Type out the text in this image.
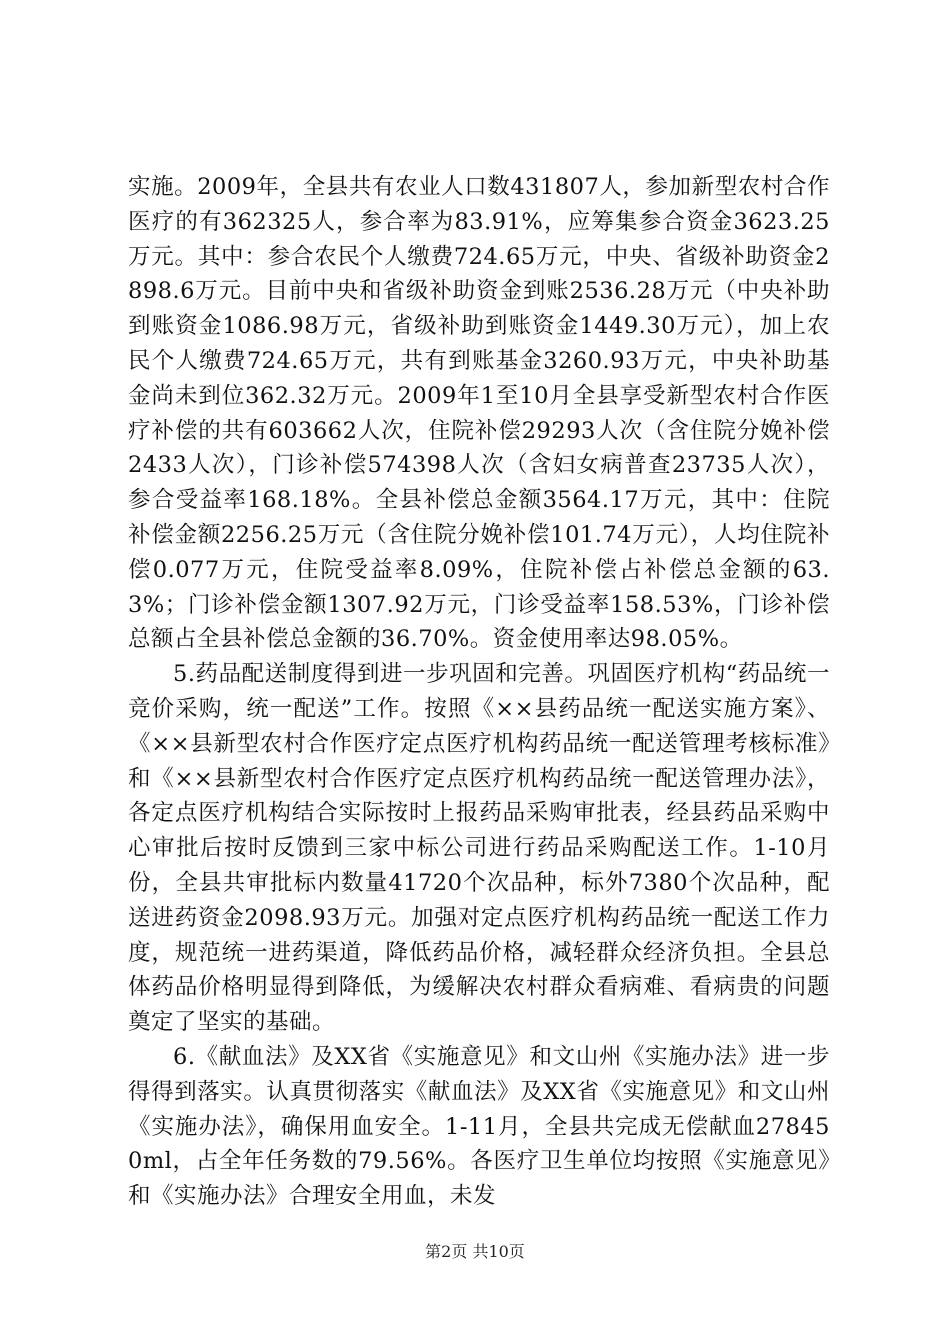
实施。2009年，全县共有农业人口数431807人，参加新型农村合作医疗的有362325人，参合率为83.91%，应筹集参合资金3623.25万元。其中：参合农民个人缴费724.65万元，中央、省级补助资金2898.6万元。目前中央和省级补助资金到账2536.28万元（中央补助到账资金1086.98万元，省级补助到账资金1449.30万元），加上农民个人缴费724.65万元，共有到账基金3260.93万元，中央补助基金尚未到位362.32万元。2009年1至10月全县享受新型农村合作医疗补偿的共有603662人次，住院补偿29293人次（含住院分娩补偿2433人次），门诊补偿574398人次（含妇女病普查23735人次），参合受益率168.18%。全县补偿总金额3564.17万元，其中：住院补偿金额2256.25万元（含住院分娩补偿101.74万元），人均住院补偿0.077万元，住院受益率8.09%，住院补偿占补偿总金额的63.3%；门诊补偿金额1307.92万元，门诊受益率158.53%，门诊补偿总额占全县补偿总金额的36.70%。资金使用率达98.05%。

5.药品配送制度得到进一步巩固和完善。巩固医疗机构“药品统一竞价采购，统一配送”工作。按照《××县药品统一配送实施方案》、《××县新型农村合作医疗定点医疗机构药品统一配送管理考核标准》和《××县新型农村合作医疗定点医疗机构药品统一配送管理办法》，各定点医疗机构结合实际按时上报药品采购审批表，经县药品采购中心审批后按时反馈到三家中标公司进行药品采购配送工作。1-10月份，全县共审批标内数量41720个次品种，标外7380个次品种，配送进药资金2098.93万元。加强对定点医疗机构药品统一配送工作力度，规范统一进药渠道，降低药品价格，减轻群众经济负担。全县总体药品价格明显得到降低，为缓解决农村群众看病难、看病贵的问题奠定了坚实的基础。

6.《献血法》及XX省《实施意见》和文山州《实施办法》进一步得得到落实。认真贯彻落实《献血法》及XX省《实施意见》和文山州《实施办法》，确保用血安全。1-11月，全县共完成无偿献血278450ml，占全年任务数的79.56%。各医疗卫生单位均按照《实施意见》和《实施办法》合理安全用血，未发

第2页 共10页
